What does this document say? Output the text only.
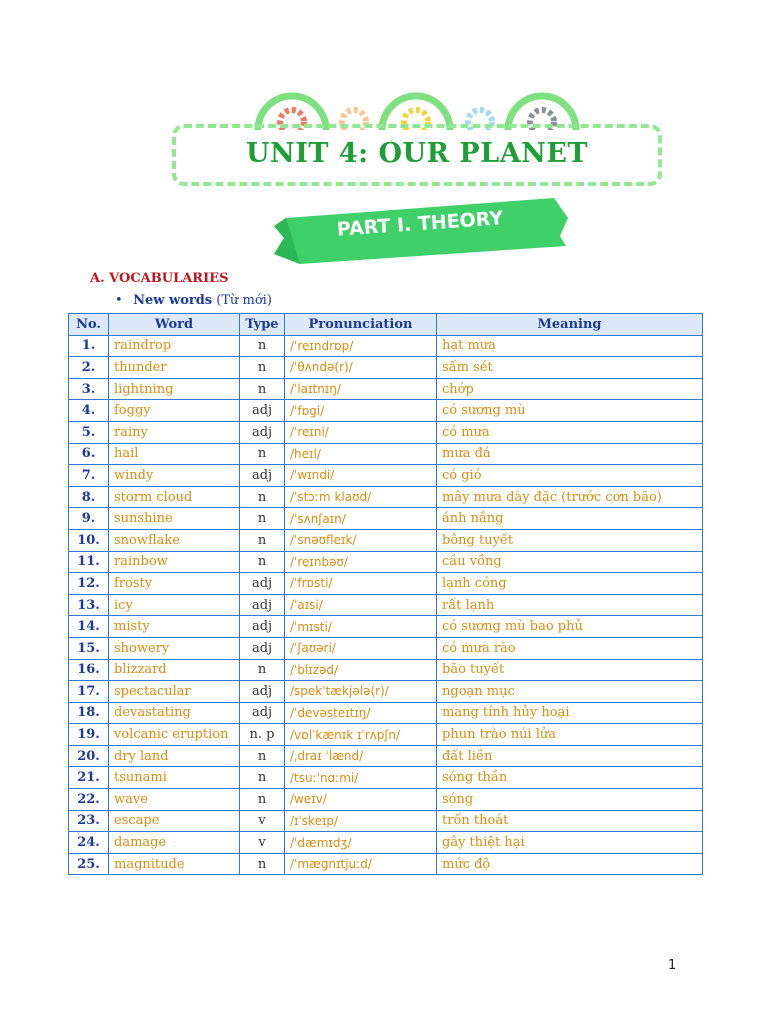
UNIT 4: OUR PLANET
PART I. THEORY
A. VOCABULARIES
• New words (Từ mới)
No.	Word	Type	Pronunciation	Meaning
1.	raindrop	n	/ˈreɪndrɒp/	hạt mưa
2.	thunder	n	/ˈθʌndə(r)/	sấm sét
3.	lightning	n	/ˈlaɪtnɪŋ/	chớp
4.	foggy	adj	/ˈfɒgi/	có sương mù
5.	rainy	adj	/ˈreɪni/	có mưa
6.	hail	n	/heɪl/	mưa đá
7.	windy	adj	/ˈwɪndi/	có gió
8.	storm cloud	n	/ˈstɔːm klaʊd/	mây mưa dày đặc (trước cơn bão)
9.	sunshine	n	/ˈsʌnʃaɪn/	ánh nắng
10.	snowflake	n	/ˈsnəʊfleɪk/	bông tuyết
11.	rainbow	n	/ˈreɪnbəʊ/	cầu vồng
12.	frosty	adj	/ˈfrɒsti/	lạnh cóng
13.	icy	adj	/ˈaɪsi/	rất lạnh
14.	misty	adj	/ˈmɪsti/	có sương mù bao phủ
15.	showery	adj	/ˈʃaʊəri/	có mưa rào
16.	blizzard	n	/ˈblɪzəd/	bão tuyết
17.	spectacular	adj	/spekˈtækjələ(r)/	ngoạn mục
18.	devastating	adj	/ˈdevəsteɪtɪŋ/	mang tính hủy hoại
19.	volcanic eruption	n. p	/vɒlˈkænɪk ɪˈrʌpʃn/	phun trào núi lửa
20.	dry land	n	/ˌdraɪ ˈlænd/	đất liền
21.	tsunami	n	/tsuːˈnɑːmi/	sóng thần
22.	wave	n	/weɪv/	sóng
23.	escape	v	/ɪˈskeɪp/	trốn thoát
24.	damage	v	/ˈdæmɪdʒ/	gây thiệt hại
25.	magnitude	n	/ˈmægnɪtjuːd/	mức độ
1
